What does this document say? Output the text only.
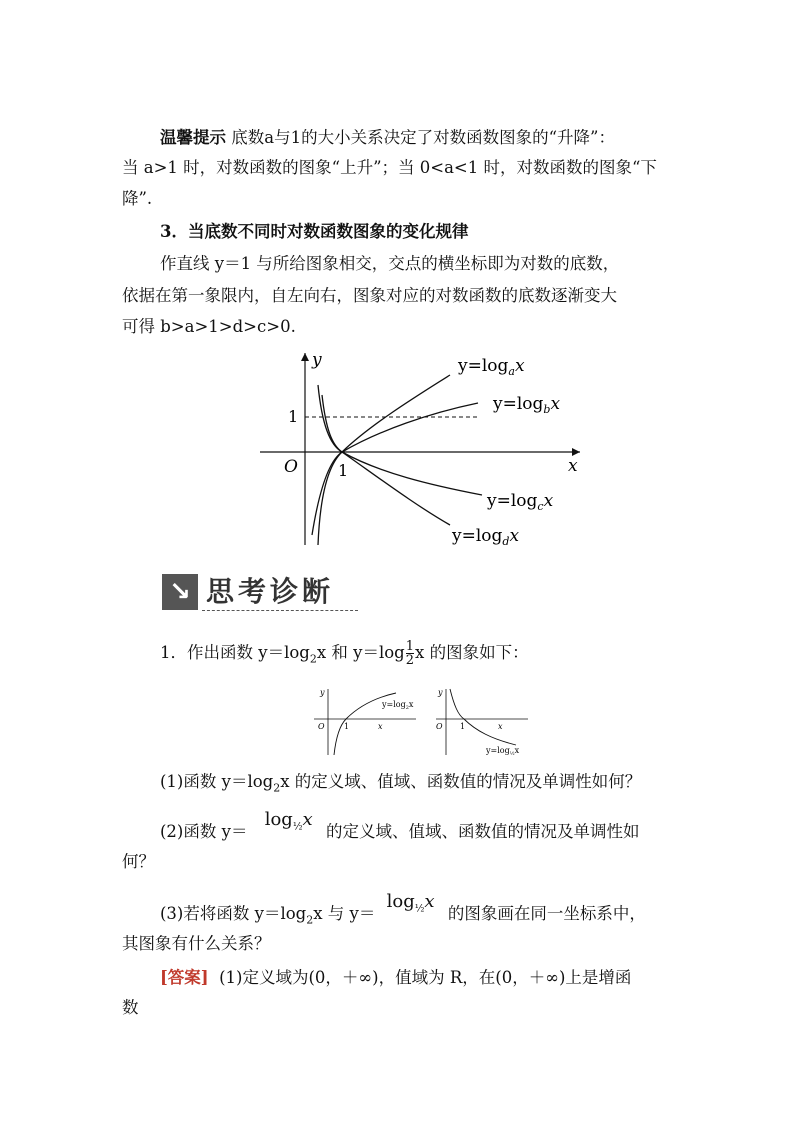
温馨提示 底数a与1的大小关系决定了对数函数图象的“升降”：
当 a>1 时，对数函数的图象“上升”；当 0<a<1 时，对数函数的图象“下
降”.
3．当底数不同时对数函数图象的变化规律
作直线 y＝1 与所给图象相交，交点的横坐标即为对数的底数，
依据在第一象限内，自左向右，图象对应的对数函数的底数逐渐变大
可得 b>a>1>d>c>0.
y
x
O	1
1
$y=\log_ax$
$y=\log_bx$
$y=\log_cx$
$y=\log_dx$
↘ 思考诊断
1．作出函数 $y=\log_2x$ 和 $y=\log \frac{1}{2}$ x 的图象如下：
y
x
O 1
$y=\log_2x$
y
x
O 1
$y=\log_{\frac{1}{2}}x$
(1)函数 $y=\log_2x$ 的定义域、值域、函数值的情况及单调性如何？
(2)函数 $y= \log_{\frac{1}{2}}x$ 的定义域、值域、函数值的情况及单调性如
何？
(3)若将函数 $y=\log_2x$ 与 $y= \log_{\frac{1}{2}}x$ 的图象画在同一坐标系中，
其图象有什么关系？
[答案] (1)定义域为(0，＋∞)，值域为 R，在(0，＋∞)上是增函
数
